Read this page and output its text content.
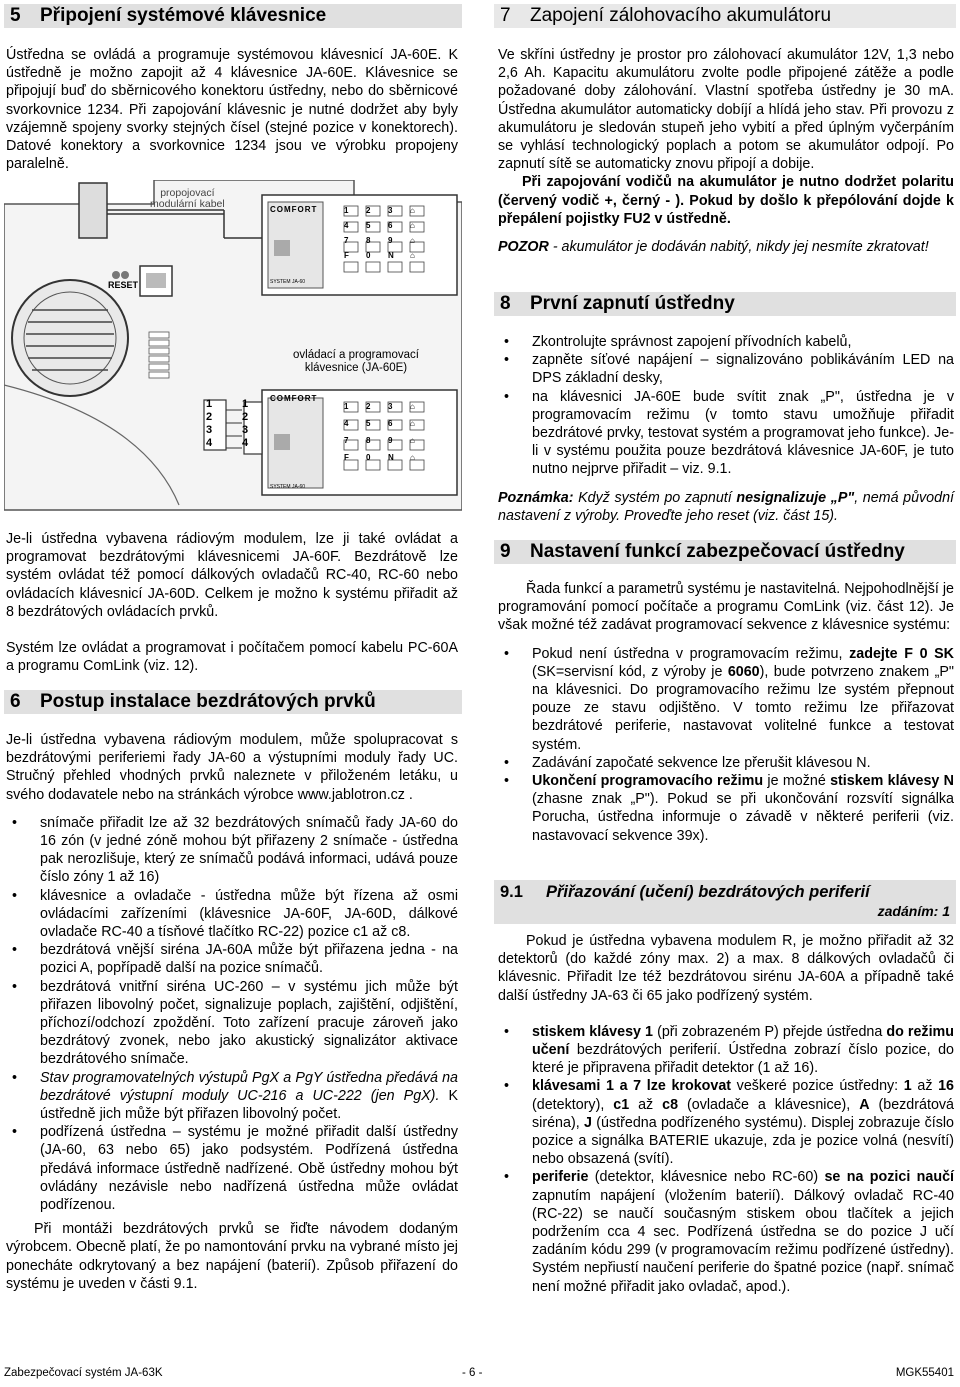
5 Připojení systémové klávesnice

Ústředna se ovládá a programuje systémovou klávesnicí JA-60E. K ústředně je možno zapojit až 4 klávesnice JA-60E. Klávesnice se připojují buď do sběrnicového konektoru ústředny, nebo do sběrnicové svorkovnice 1234. Při zapojování klávesnic je nutné dodržet aby byly vzájemně spojeny svorky stejných čísel (stejné pozice v konektorech). Datové konektory a svorkovnice 1234 jsou ve výrobku propojeny paralelně.

propojovací
modulární kabel
RESET
ovládací a programovací
klávesnice (JA-60E)
COMFORT
SYSTEM JA-60
COMFORT
SYSTEM JA-60
1	2	3	⌂
4	5	6	⌂
7	8	9	⌂
F	0	N	⌂
1	2	3	⌂
4	5	6	⌂
7	8	9	⌂
F	0	N	⌂
1
2
3
4
1
2
3
4

Je-li ústředna vybavena rádiovým modulem, lze ji také ovládat a programovat bezdrátovými klávesnicemi JA-60F. Bezdrátově lze systém ovládat též pomocí dálkových ovladačů RC-40, RC-60 nebo ovládacích klávesnicí JA-60D. Celkem je možno k systému přiřadit až 8 bezdrátových ovládacích prvků.

Systém lze ovládat a programovat i počítačem pomocí kabelu PC-60A a programu ComLink (viz. 12).

6 Postup instalace bezdrátových prvků

Je-li ústředna vybavena rádiovým modulem, může spolupracovat s bezdrátovými periferiemi řady JA-60 a výstupními moduly řady UC. Stručný přehled vhodných prvků naleznete v přiloženém letáku, u svého dodavatele nebo na stránkách výrobce www.jablotron.cz .

• snímače přiřadit lze až 32 bezdrátových snímačů řady JA-60 do 16 zón (v jedné zóně mohou být přiřazeny 2 snímače - ústředna pak nerozlišuje, který ze snímačů podává informaci, udává pouze číslo zóny 1 až 16)
• klávesnice a ovladače - ústředna může být řízena až osmi ovládacími zařízeními (klávesnice JA-60F, JA-60D, dálkové ovladače RC-40 a tísňové tlačítko RC-22) pozice c1 až c8.
• bezdrátová vnější siréna JA-60A může být přiřazena jedna - na pozici A, popřípadě další na pozice snímačů.
• bezdrátová vnitřní siréna UC-260 – v systému jich může být přiřazen libovolný počet, signalizuje poplach, zajištění, odjištění, příchozí/odchozí zpoždění. Toto zařízení pracuje zároveň jako bezdrátový zvonek, nebo jako akustický signalizátor aktivace bezdrátového snímače.
• Stav programovatelných výstupů PgX a PgY ústředna předává na bezdrátové výstupní moduly UC-216 a UC-222 (jen PgX). K ústředně jich může být přiřazen libovolný počet.
• podřízená ústředna – systému je možné přiřadit další ústředny (JA-60, 63 nebo 65) jako podsystém. Podřízená ústředna předává informace ústředně nadřízené. Obě ústředny mohou být ovládány nezávisle nebo nadřízená ústředna může ovládat podřízenou.

Při montáži bezdrátových prvků se řiďte návodem dodaným výrobcem. Obecně platí, že po namontování prvku na vybrané místo jej ponecháte odkrytovaný a bez napájení (baterií). Způsob přiřazení do systému je uveden v části 9.1.

7 Zapojení zálohovacího akumulátoru

Ve skříni ústředny je prostor pro zálohovací akumulátor 12V, 1,3 nebo 2,6 Ah. Kapacitu akumulátoru zvolte podle připojené zátěže a podle požadované doby zálohování. Vlastní spotřeba ústředny je 30 mA. Ústředna akumulátor automaticky dobíjí a hlídá jeho stav. Při provozu z akumulátoru je sledován stupeň jeho vybití a před úplným vyčerpáním se vyhlásí technologický poplach a potom se akumulátor odpojí. Po zapnutí sítě se automaticky znovu připojí a dobije.

Při zapojování vodičů na akumulátor je nutno dodržet polaritu (červený vodič +, černý - ). Pokud by došlo k přepólování dojde k přepálení pojistky FU2 v ústředně.

POZOR - akumulátor je dodáván nabitý, nikdy jej nesmíte zkratovat!

8 První zapnutí ústředny
• Zkontrolujte správnost zapojení přívodních kabelů,
• zapněte síťové napájení – signalizováno poblikáváním LED na DPS základní desky,
• na klávesnici JA-60E bude svítit znak „P", ústředna je v programovacím režimu (v tomto stavu umožňuje přiřadit bezdrátové prvky, testovat systém a programovat jeho funkce). Je-li v systému použita pouze bezdrátová klávesnice JA-60F, je tuto nutno nejprve přiřadit – viz. 9.1.

Poznámka: Když systém po zapnutí nesignalizuje „P", nemá původní nastavení z výroby. Proveďte jeho reset (viz. část 15).

9 Nastavení funkcí zabezpečovací ústředny

Řada funkcí a parametrů systému je nastavitelná. Nejpohodlnější je programování pomocí počítače a programu ComLink (viz. část 12). Je však možné též zadávat programovací sekvence z klávesnice systému:

• Pokud není ústředna v programovacím režimu, zadejte F 0 SK (SK=servisní kód, z výroby je 6060), bude potvrzeno znakem „P" na klávesnici. Do programovacího režimu lze systém přepnout pouze ze stavu odjištěno. V tomto režimu lze přiřazovat bezdrátové periferie, nastavovat volitelné funkce a testovat systém.
• Zadávání započaté sekvence lze přerušit klávesou N.
• Ukončení programovacího režimu je možné stiskem klávesy N (zhasne znak „P"). Pokud se při ukončování rozsvítí signálka Porucha, ústředna informuje o závadě v některé periferii (viz. nastavovací sekvence 39x).
9.1 Přiřazování (učení) bezdrátových periferií
zadáním: 1

Pokud je ústředna vybavena modulem R, je možno přiřadit až 32 detektorů (do každé zóny max. 2) a max. 8 dálkových ovladačů či klávesnic. Přiřadit lze též bezdrátovou sirénu JA-60A a případně také další ústředny JA-63 či 65 jako podřízený systém.

• stiskem klávesy 1 (při zobrazeném P) přejde ústředna do režimu učení bezdrátových periferií. Ústředna zobrazí číslo pozice, do které je připravena přiřadit detektor (1 až 16).
• klávesami 1 a 7 lze krokovat veškeré pozice ústředny: 1 až 16 (detektory), c1 až c8 (ovladače a klávesnice), A (bezdrátová siréna), J (ústředna podřízeného systému). Displej zobrazuje číslo pozice a signálka BATERIE ukazuje, zda je pozice volná (nesvítí) nebo obsazená (svítí).
• periferie (detektor, klávesnice nebo RC-60) se na pozici naučí zapnutím napájení (vložením baterií). Dálkový ovladač RC-40 (RC-22) se naučí současným stiskem obou tlačítek a jejich podržením cca 4 sec. Podřízená ústředna se do pozice J učí zadáním kódu 299 (v programovacím režimu podřízené ústředny). Systém nepřiustí naučení periferie do špatné pozice (např. snímač není možné přiřadit jako ovladač, apod.).
Zabezpečovací systém JA-63K	- 6 -	MGK55401
